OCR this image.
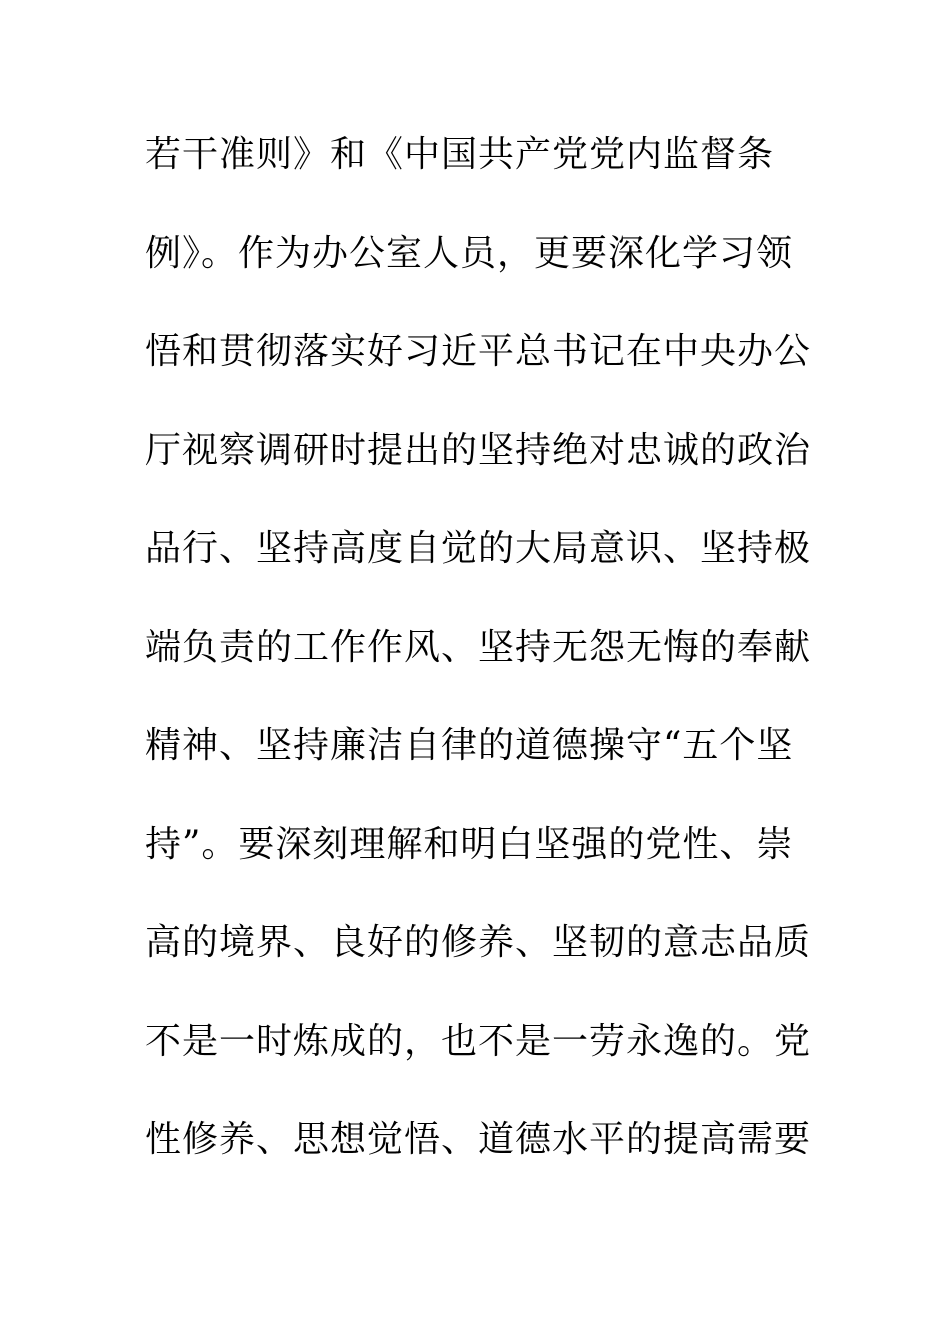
若干准则》和《中国共产党党内监督条
例》。作为办公室人员，更要深化学习领
悟和贯彻落实好习近平总书记在中央办公
厅视察调研时提出的坚持绝对忠诚的政治
品行、坚持高度自觉的大局意识、坚持极
端负责的工作作风、坚持无怨无悔的奉献
精神、坚持廉洁自律的道德操守“五个坚
持”。要深刻理解和明白坚强的党性、崇
高的境界、良好的修养、坚韧的意志品质
不是一时炼成的，也不是一劳永逸的。党
性修养、思想觉悟、道德水平的提高需要
